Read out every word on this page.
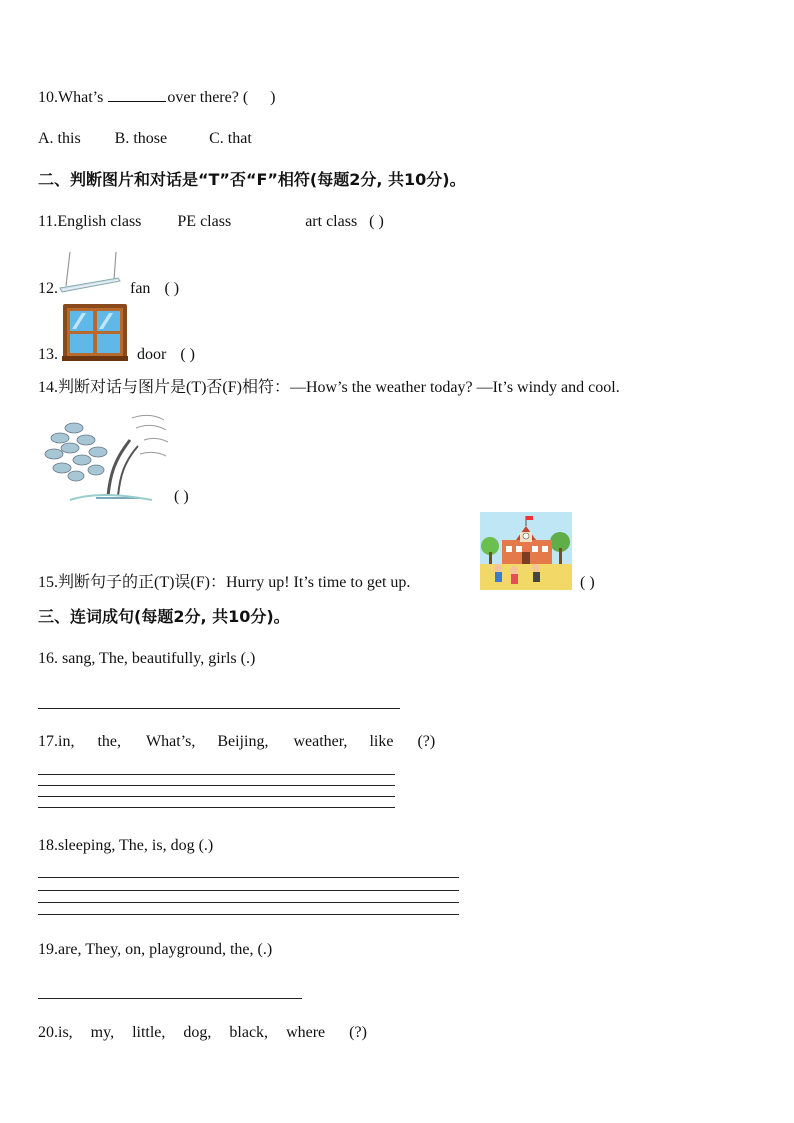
10.What’s	over there? ( )
A. this B. those	C. that
二、判断图片和对话是“T”否“F”相符(每题2分, 共10分)。
11.English class PE class	art class ( )
12.	fan ( )
13.	door ( )
14.判断对话与图片是(T)否(F)相符：—How’s the weather today? —It’s windy and cool.
( )
15.判断句子的正(T)误(F)：Hurry up! It’s time to get up.	( )
三、连词成句(每题2分, 共10分)。
16. sang, The, beautifully, girls (.)
17.in, the, What’s, Beijing, weather, like (?)
18.sleeping, The, is, dog (.)
19.are, They, on, playground, the, (.)
20.is, my, little, dog, black, where (?)
